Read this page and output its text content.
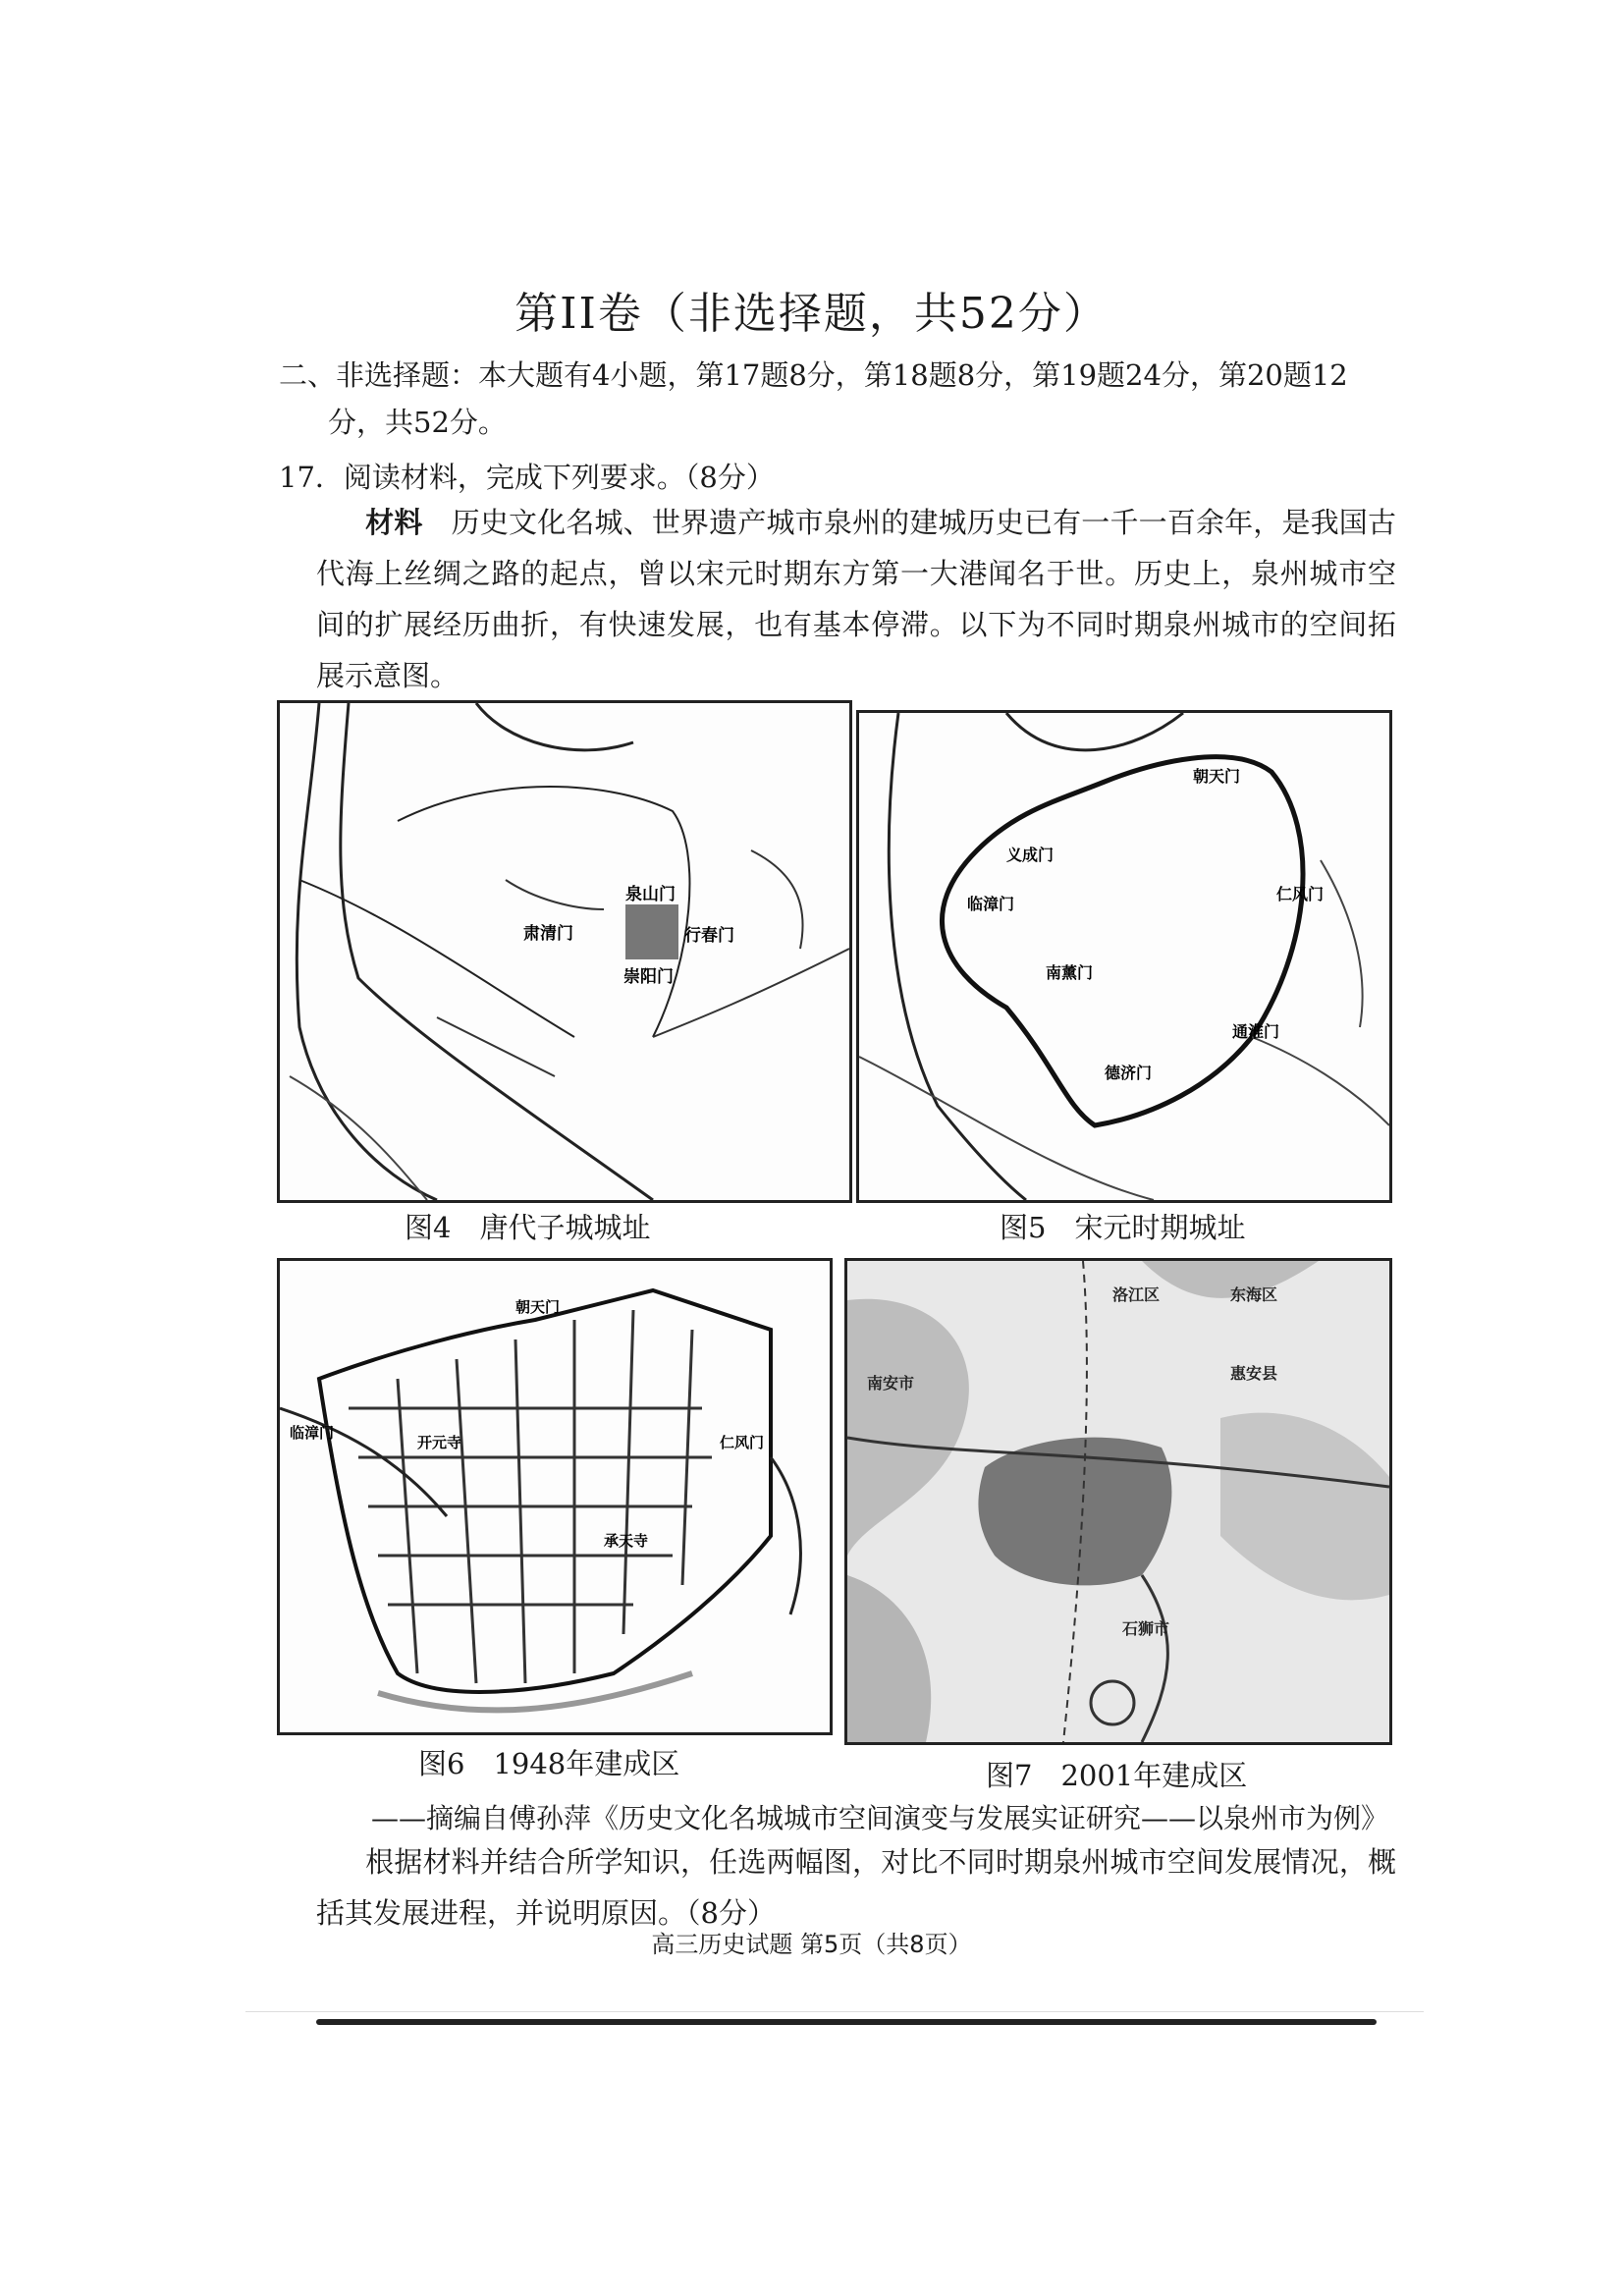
第II卷（非选择题，共52分）
二、非选择题：本大题有4小题，第17题8分，第18题8分，第19题24分，第20题12
分，共52分。
17．阅读材料，完成下列要求。（8分）
材料　 历史文化名城、世界遗产城市泉州的建城历史已有一千一百余年，是我国古代海上丝绸之路的起点，曾以宋元时期东方第一大港闻名于世。历史上，泉州城市空间的扩展经历曲折，有快速发展，也有基本停滞。以下为不同时期泉州城市的空间拓展示意图。
泉山门
肃清门	行春门
崇阳门
图4　唐代子城城址
朝天门
义成门
临漳门
仁风门
南薰门
通淮门
德济门
图5　宋元时期城址
朝天门
临漳门
仁风门
开元寺
承天寺
图6　1948年建成区
洛江区	东海区
惠安县
南安市
石狮市
图7　2001年建成区
——摘编自傅孙萍《历史文化名城城市空间演变与发展实证研究——以泉州市为例》
根据材料并结合所学知识，任选两幅图，对比不同时期泉州城市空间发展情况，概括其发展进程，并说明原因。（8分）
高三历史试题 第5页（共8页）
